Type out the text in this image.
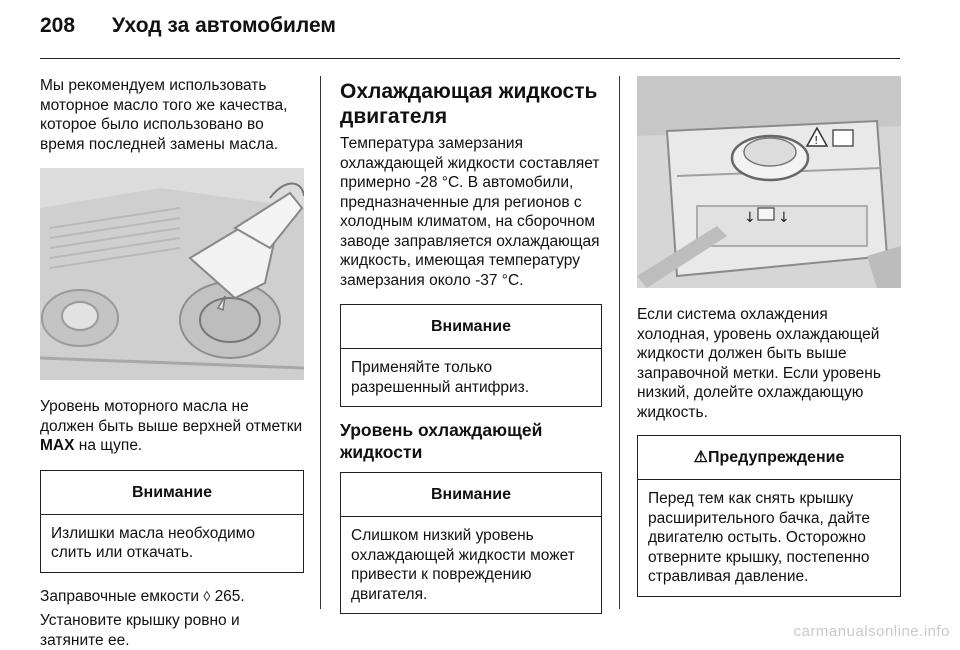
208 Уход за автомобилем

Мы рекомендуем использовать моторное масло того же качества, которое было использовано во время последней замены масла.

Уровень моторного масла не должен быть выше верхней отметки MAX на щупе.

Внимание

Излишки масла необходимо слить или откачать.

Заправочные емкости ◊ 265.

Установите крышку ровно и затяните ее.

Охлаждающая жидкость двигателя

Температура замерзания охлаждающей жидкости составляет примерно -28 °C. В автомобили, предназначенные для регионов с холодным климатом, на сборочном заводе заправляется охлаждающая жидкость, имеющая температуру замерзания около -37 °C.

Внимание

Применяйте только разрешенный антифриз.

Уровень охлаждающей жидкости
Внимание

Слишком низкий уровень охлаждающей жидкости может привести к повреждению двигателя.

!
↓ ↓

Если система охлаждения холодная, уровень охлаждающей жидкости должен быть выше заправочной метки. Если уровень низкий, долейте охлаждающую жидкость.

⚠Предупреждение

Перед тем как снять крышку расширительного бачка, дайте двигателю остыть. Осторожно отверните крышку, постепенно стравливая давление.

carmanualsonline.info
